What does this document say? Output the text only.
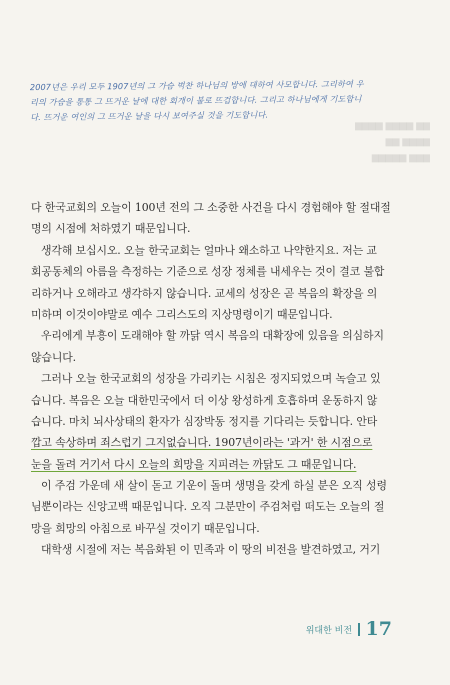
2007년은 우리 모두 1907년의 그 가슴 벅찬 하나님의 방에 대하여 사모합니다. 그리하여 우
리의 가슴을 통통 그 뜨거운 날에 대한 회개이 불로 뜨겁합니다. 그리고 하나님에게 기도합니
다. 뜨거운 여인의 그 뜨거운 날을 다시 보여주실 것을 기도합니다.
▆▆ ▆▆▆▆ ▆▆▆▆
▆▆▆▆ ▆▆
▆▆▆ ▆▆▆▆▆
다 한국교회의 오늘이 100년 전의 그 소중한 사건을 다시 경험해야 할 절대절
명의 시점에 처하였기 때문입니다.
생각해 보십시오. 오늘 한국교회는 얼마나 왜소하고 나약한지요. 저는 교
회공동체의 아름을 측정하는 기준으로 성장 정체를 내세우는 것이 결코 불합
리하거나 오해라고 생각하지 않습니다. 교세의 성장은 곧 복음의 확장을 의
미하며 이것이야말로 예수 그리스도의 지상명령이기 때문입니다.
우리에게 부흥이 도래해야 할 까닭 역시 복음의 대확장에 있음을 의심하지
않습니다.
그러나 오늘 한국교회의 성장을 가리키는 시침은 정지되었으며 녹슬고 있
습니다. 복음은 오늘 대한민국에서 더 이상 왕성하게 호흡하며 운동하지 않
습니다. 마치 뇌사상태의 환자가 심장박동 정지를 기다리는 듯합니다. 안타
깝고 속상하며 죄스럽기 그지없습니다. 1907년이라는 '과거' 한 시점으로
눈을 돌려 거기서 다시 오늘의 희망을 지피려는 까닭도 그 때문입니다.
이 주검 가운데 새 살이 돋고 기운이 돌며 생명을 갖게 하실 분은 오직 성령
님뿐이라는 신앙고백 때문입니다. 오직 그분만이 주검처럼 떠도는 오늘의 절
망을 희망의 아침으로 바꾸실 것이기 때문입니다.
대학생 시절에 저는 복음화된 이 민족과 이 땅의 비전을 발견하였고, 거기
위대한 비전 17
